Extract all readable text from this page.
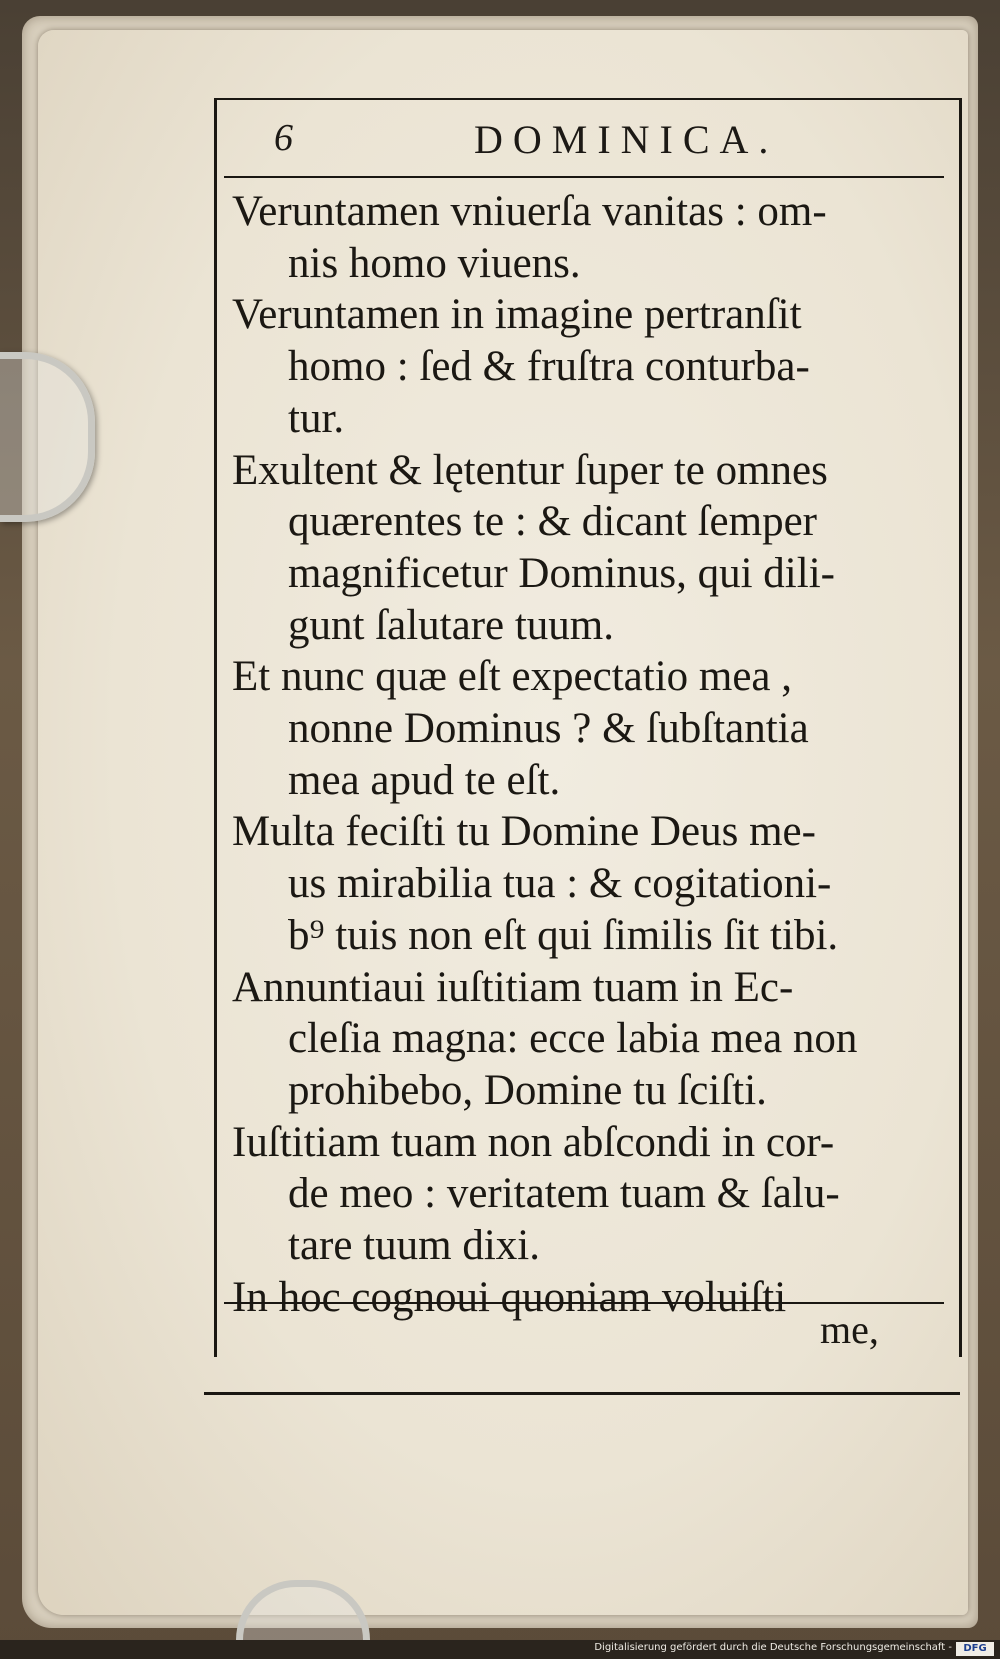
6	DOMINICA.

Veruntamen vniuerſa vanitas : om-
nis homo viuens.

Veruntamen in imagine pertranſit
homo : ſed & fruſtra conturba-
tur.

Exultent & lętentur ſuper te omnes
quærentes te : & dicant ſemper
magnificetur Dominus, qui dili-
gunt ſalutare tuum.

Et nunc quæ eſt expectatio mea ,
nonne Dominus ? & ſubſtantia
mea apud te eſt.

Multa feciſti tu Domine Deus me-
us mirabilia tua : & cogitationi-
b⁹ tuis non eſt qui ſimilis ſit tibi.

Annuntiaui iuſtitiam tuam in Ec-
cleſia magna: ecce labia mea non
prohibebo, Domine tu ſciſti.

Iuſtitiam tuam non abſcondi in cor-
de meo : veritatem tuam & ſalu-
tare tuum dixi.

In hoc cognoui quoniam voluiſti

me,
Digitalisierung gefördert durch die Deutsche Forschungsgemeinschaft -	DFG
